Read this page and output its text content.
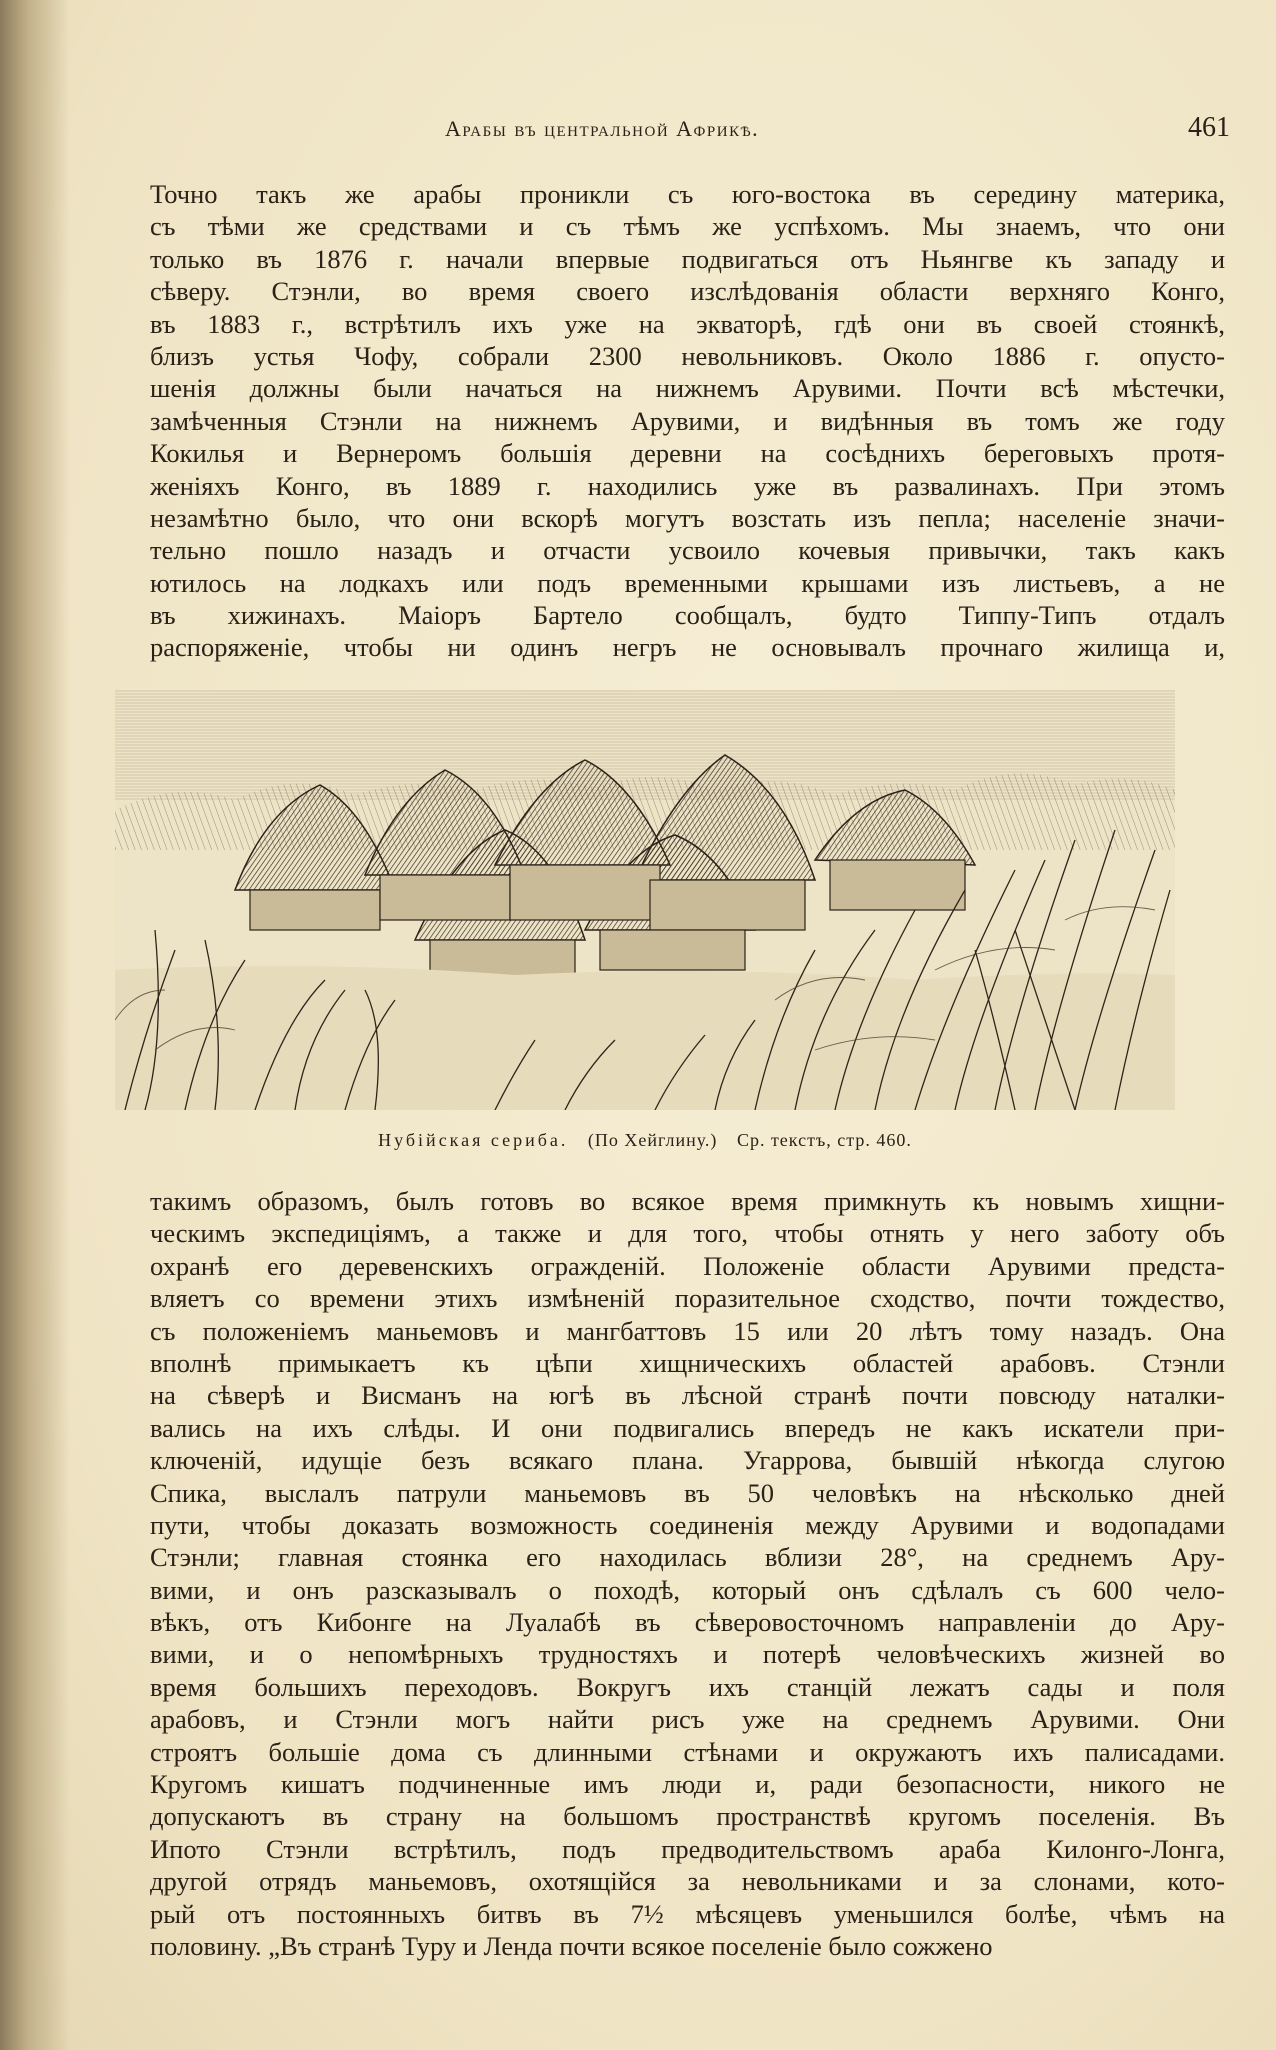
Арабы въ центральной Африкѣ.	461
Точно такъ же арабы проникли съ юго-востока въ середину материка,
съ тѣми же средствами и съ тѣмъ же успѣхомъ. Мы знаемъ, что они
только въ 1876 г. начали впервые подвигаться отъ Ньянгве къ западу и
сѣверу. Стэнли, во время своего изслѣдованія области верхняго Конго,
въ 1883 г., встрѣтилъ ихъ уже на экваторѣ, гдѣ они въ своей стоянкѣ,
близъ устья Чофу, собрали 2300 невольниковъ. Около 1886 г. опусто-
шенія должны были начаться на нижнемъ Арувими. Почти всѣ мѣстечки,
замѣченныя Стэнли на нижнемъ Арувими, и видѣнныя въ томъ же году
Кокилья и Вернеромъ большія деревни на сосѣднихъ береговыхъ протя-
женіяхъ Конго, въ 1889 г. находились уже въ развалинахъ. При этомъ
незамѣтно было, что они вскорѣ могутъ возстать изъ пепла; населеніе значи-
тельно пошло назадъ и отчасти усвоило кочевыя привычки, такъ какъ
ютилось на лодкахъ или подъ временными крышами изъ листьевъ, а не
въ хижинахъ. Маіоръ Бартело сообщалъ, будто Типпу-Типъ отдалъ
распоряженіе, чтобы ни одинъ негръ не основывалъ прочнаго жилища и,
Нубійская сериба. (По Хейглину.) Ср. текстъ, стр. 460.
такимъ образомъ, былъ готовъ во всякое время примкнуть къ новымъ хищни-
ческимъ экспедиціямъ, а также и для того, чтобы отнять у него заботу объ
охранѣ его деревенскихъ огражденій. Положеніе области Арувими предста-
вляетъ со времени этихъ измѣненій поразительное сходство, почти тождество,
съ положеніемъ маньемовъ и мангбаттовъ 15 или 20 лѣтъ тому назадъ. Она
вполнѣ примыкаетъ къ цѣпи хищническихъ областей арабовъ. Стэнли
на сѣверѣ и Висманъ на югѣ въ лѣсной странѣ почти повсюду наталки-
вались на ихъ слѣды. И они подвигались впередъ не какъ искатели при-
ключеній, идущіе безъ всякаго плана. Угаррова, бывшій нѣкогда слугою
Спика, выслалъ патрули маньемовъ въ 50 человѣкъ на нѣсколько дней
пути, чтобы доказать возможность соединенія между Арувими и водопадами
Стэнли; главная стоянка его находилась вблизи 28°, на среднемъ Ару-
вими, и онъ разсказывалъ о походѣ, который онъ сдѣлалъ съ 600 чело-
вѣкъ, отъ Кибонге на Луалабѣ въ сѣверовосточномъ направленіи до Ару-
вими, и о непомѣрныхъ трудностяхъ и потерѣ человѣческихъ жизней во
время большихъ переходовъ. Вокругъ ихъ станцій лежатъ сады и поля
арабовъ, и Стэнли могъ найти рисъ уже на среднемъ Арувими. Они
строятъ большіе дома съ длинными стѣнами и окружаютъ ихъ палисадами.
Кругомъ кишатъ подчиненные имъ люди и, ради безопасности, никого не
допускаютъ въ страну на большомъ пространствѣ кругомъ поселенія. Въ
Ипото Стэнли встрѣтилъ, подъ предводительствомъ араба Килонго-Лонга,
другой отрядъ маньемовъ, охотящійся за невольниками и за слонами, кото-
рый отъ постоянныхъ битвъ въ 7½ мѣсяцевъ уменьшился болѣе, чѣмъ на
половину. „Въ странѣ Туру и Ленда почти всякое поселеніе было сожжено
